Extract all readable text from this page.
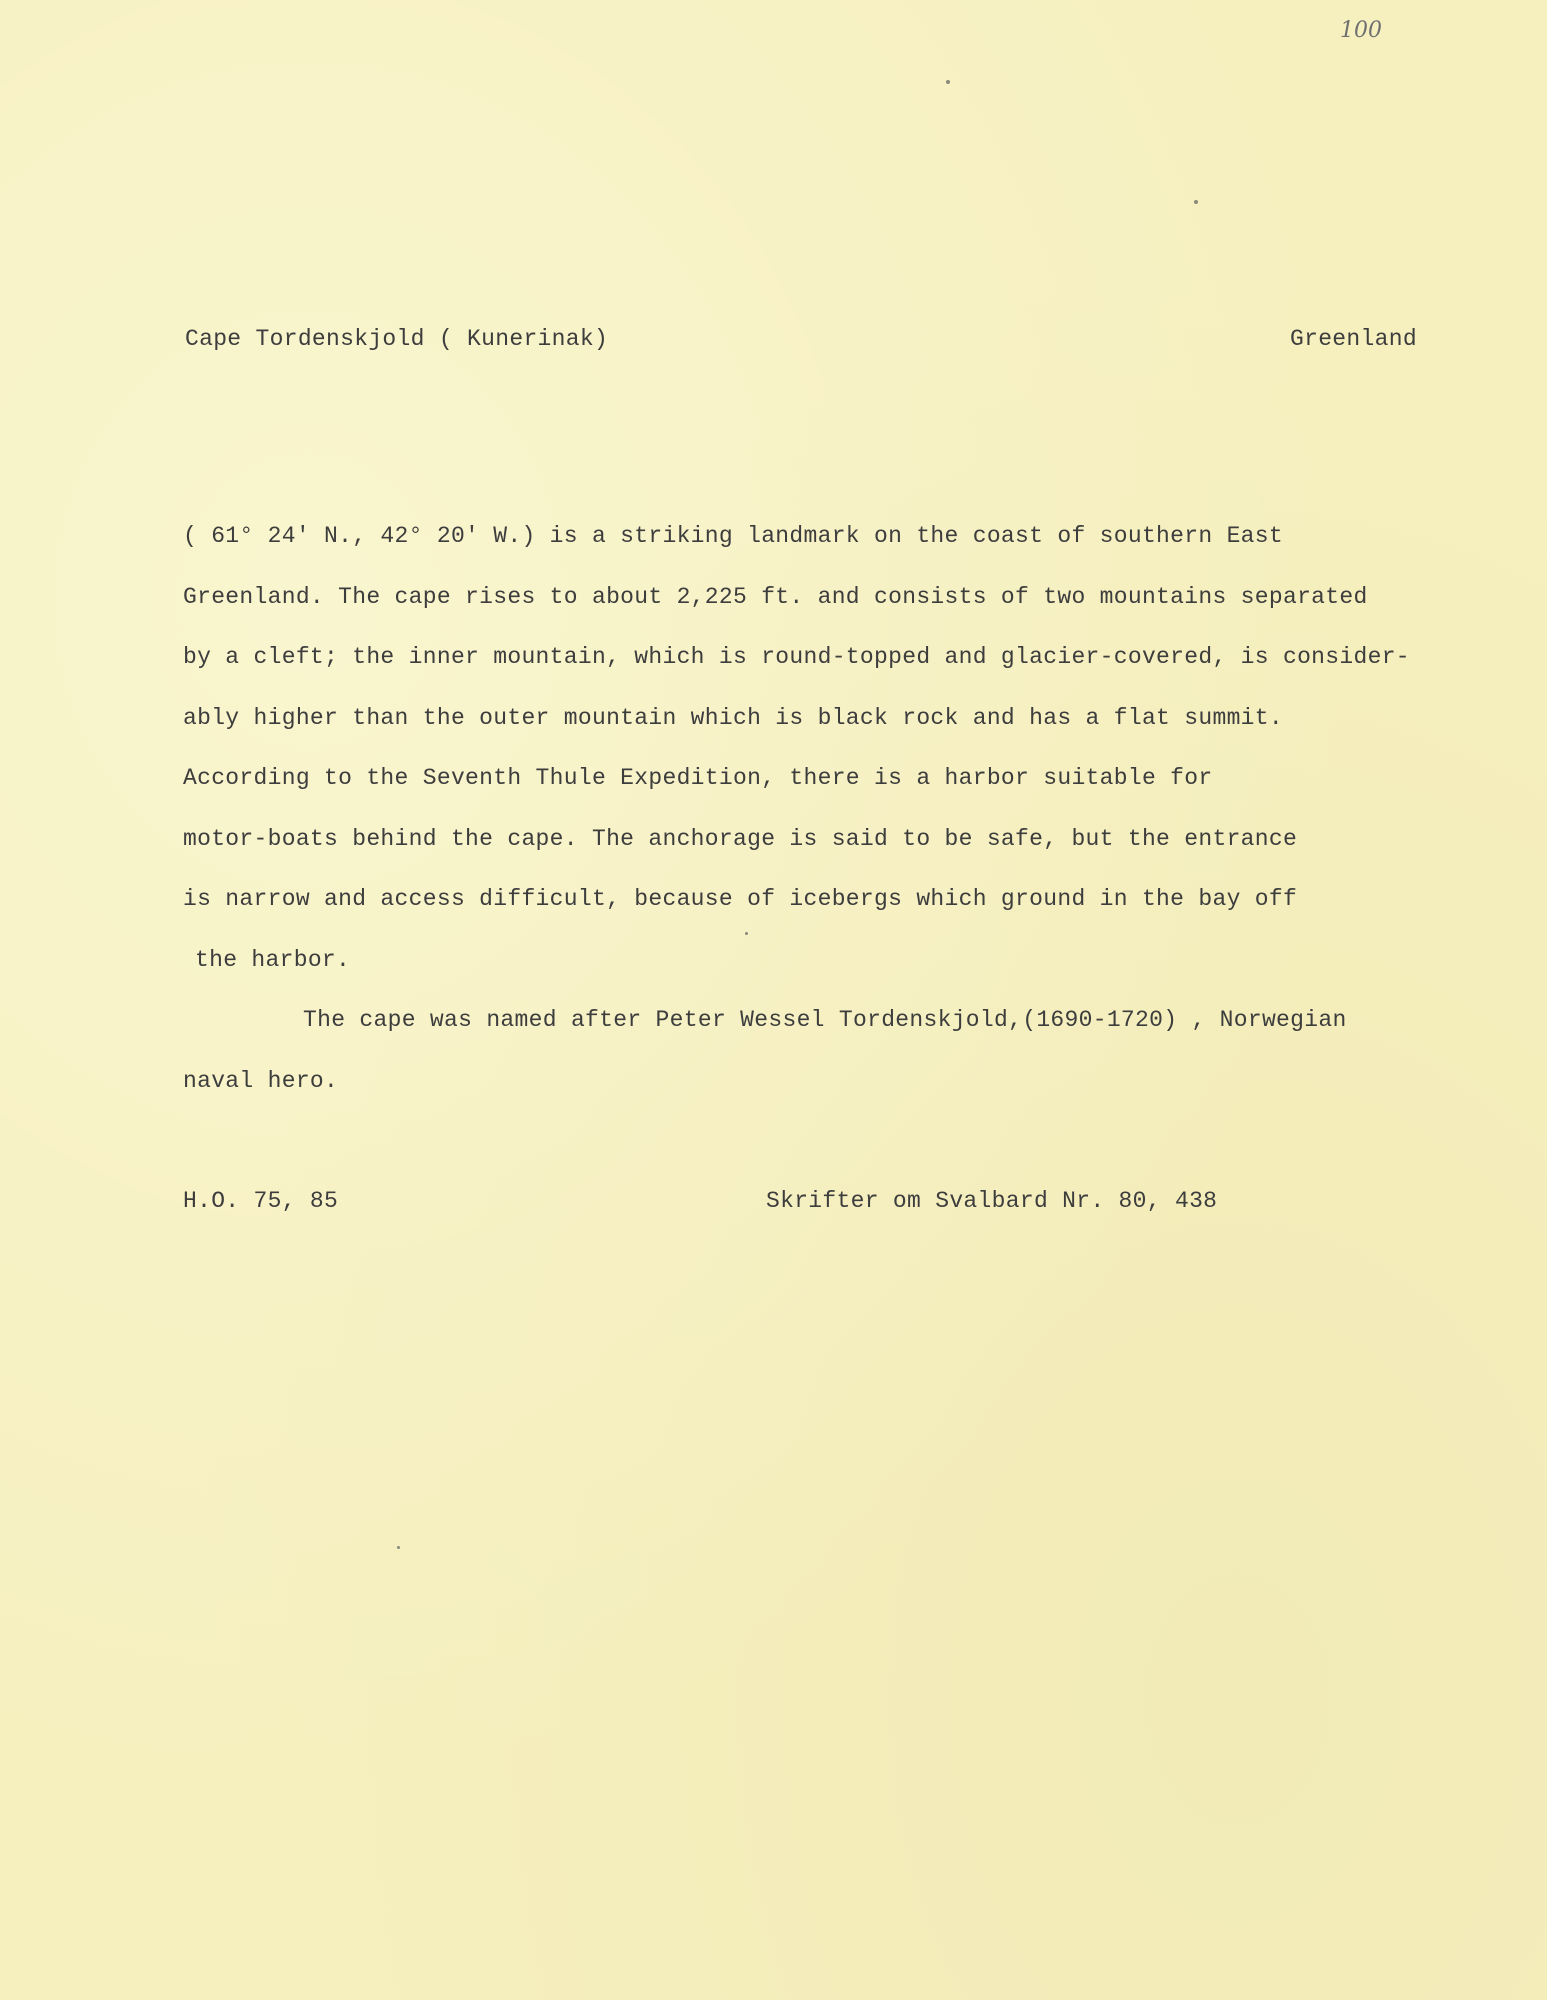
100
Cape Tordenskjold ( Kunerinak)	Greenland
( 61° 24' N., 42° 20' W.) is a striking landmark on the coast of southern East
Greenland. The cape rises to about 2,225 ft. and consists of two mountains separated
by a cleft; the inner mountain, which is round-topped and glacier-covered, is consider-
ably higher than the outer mountain which is black rock and has a flat summit.
According to the Seventh Thule Expedition, there is a harbor suitable for
motor-boats behind the cape. The anchorage is said to be safe, but the entrance
is narrow and access difficult, because of icebergs which ground in the bay off
the harbor.
The cape was named after Peter Wessel Tordenskjold,(1690-1720) , Norwegian
naval hero.
H.O. 75, 85	Skrifter om Svalbard Nr. 80, 438
